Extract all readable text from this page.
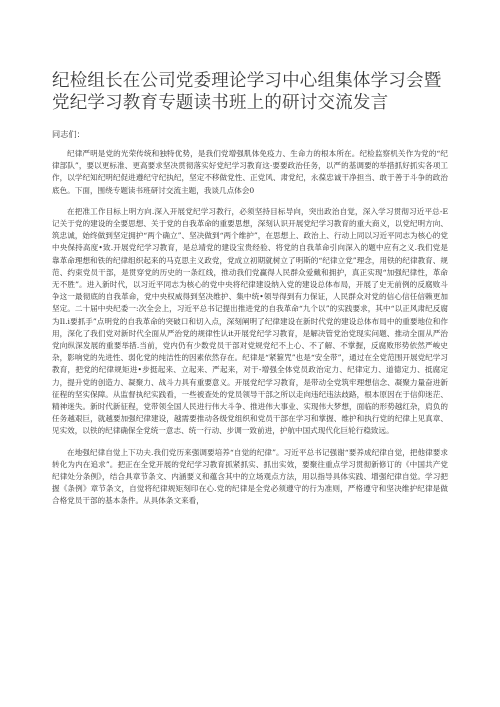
纪检组长在公司党委理论学习中心组集体学习会暨党纪学习教育专题读书班上的研讨交流发言

同志们：

纪律严明是党的光荣传统和独特优势，是我们党增强肌体免疫力、生命力的根本所在。纪检监察机关作为党的“纪律部队”，要以更标准、更高要求坚决贯彻落实好党纪学习教育这·要要政治任务，以严的基调要的举措抓好抓实各项工作，以学纪知纪明纪促进遵纪守纪执纪，坚定不移做党性、正党风、肃党纪，永葆忠诚干净担当、敢于善于斗争的政治底色。下面，围绕专题读书班研讨交流主题，我谈几点体会0

在把准工作目标上明方向.深入开展党纪学习教行，必须坚持目标导向，突出政治自觉，深入学习贯彻习近平总-E记关于党的建设的全要思想、关于党的自我革命的重要思想，深刻认识开展党纪学习教育的重大商义，以党纪明方向、筑忠诚，始终做到坚定拥护“两个确立”、坚决做到“两个维护”，在思想上、政治上、行动上同以习近平同志为核心的党中央保持高度•致.开展党纪学习教育，是总靖党的建设宝贵经验、将党的自我革命引向深入的题中应有之义.我们党是靠革命理想和铁的纪律组织起来的马克思主义政党，党成立初期就树立了明斯的“纪律立党”理念，用铁的纪律教育、规范、约束党员干部，是贯穿党的历史的一条红线，推动我们党赢得人民群众爱戴和拥护，真正实现“加强纪律性，革命无不胜”。进入新时代，以习近平同志为核心的党中央将纪律建设纳入党的建设总体布局，开展了史无前例的反腐败斗争这一最彻底的自我革命，党中央权威得到坚决维护、集中统•领导得到有力保证，人民群众对党的信心信任信赖更加坚定。二十届中央纪委一:次全会上，习近平总书记提出推进党的自我革命“九个以”的实践要求，其中“以正风肃纪反腐为Il.i要抓手”点明党的自我革命的突破口和切入点，深刻阐明了纪律建设在新时代党的建设总体布局中的重要地位和作用，深化了我们党对新时代全面从严治党的规律性认it开展党纪学习教育，是解决管党治党现实问题、推动全面从严治党向纵深发展的重要举措.当前，党内仍有少数党员干部对党规党纪不上心、不了解、不掌握，反腐败形势依然严峻史杂，影响党的先进性、弱化党的纯洁性的因素依然存在。纪律是“紧箍咒”也是“安全带”，通过在全党范围开展党纪学习教育，把党的纪律规矩进•步挺起来、立起来、严起来，对于-增强全体党员政治定力、纪律定力、道德定力、抵腐定力，提升党的创造力、凝聚力、战斗力具有重要意义。开展党纪学习教育，是带动全党筑牢理想信念、凝聚力量奋进新征程的坚实保障。从监督执纪实践看，一些被查处的党员领导干部之所以走向违纪违法歧路，根本原因在于信仰迷茫、精神迷失。新时代新征程，党带领全国人民进行伟大斗争、推进伟大事业、实现伟大梦想，面临的形势越红杂，肩负的任务越艰巨，就越要加强纪律建设，越需要推动各级党组织和党员干部在学习和掌握、维护和执行党的纪律上见真章、见实效，以铁的纪律确保全党统一意志、统一行动、步调一致前进，护航中国式现代化巨轮行稳致远。

在地强纪律自觉上下功夫.我们党历来强调要培养“自觉的纪律”。习近平总书记强谢“要养成纪律自觉，把他律要求转化为内在追求”。把正在全党开展的党纪学习教育抓紧抓实、抓出实效，要聚往重点学习贯彻新修订的《中国共产党纪律处分条例》，结合具章节条文、内涵要义和蕴含其中的立场观点方法，用以指导具体实践、增强纪律自觉。学习把握《条例》章节条文，自觉将纪律规矩刻印在心.党的纪律是全党必须遵守的行为准则，严格遵守和坚决维护纪律是做合格党员干部的基本条件。从具体条文来看，
